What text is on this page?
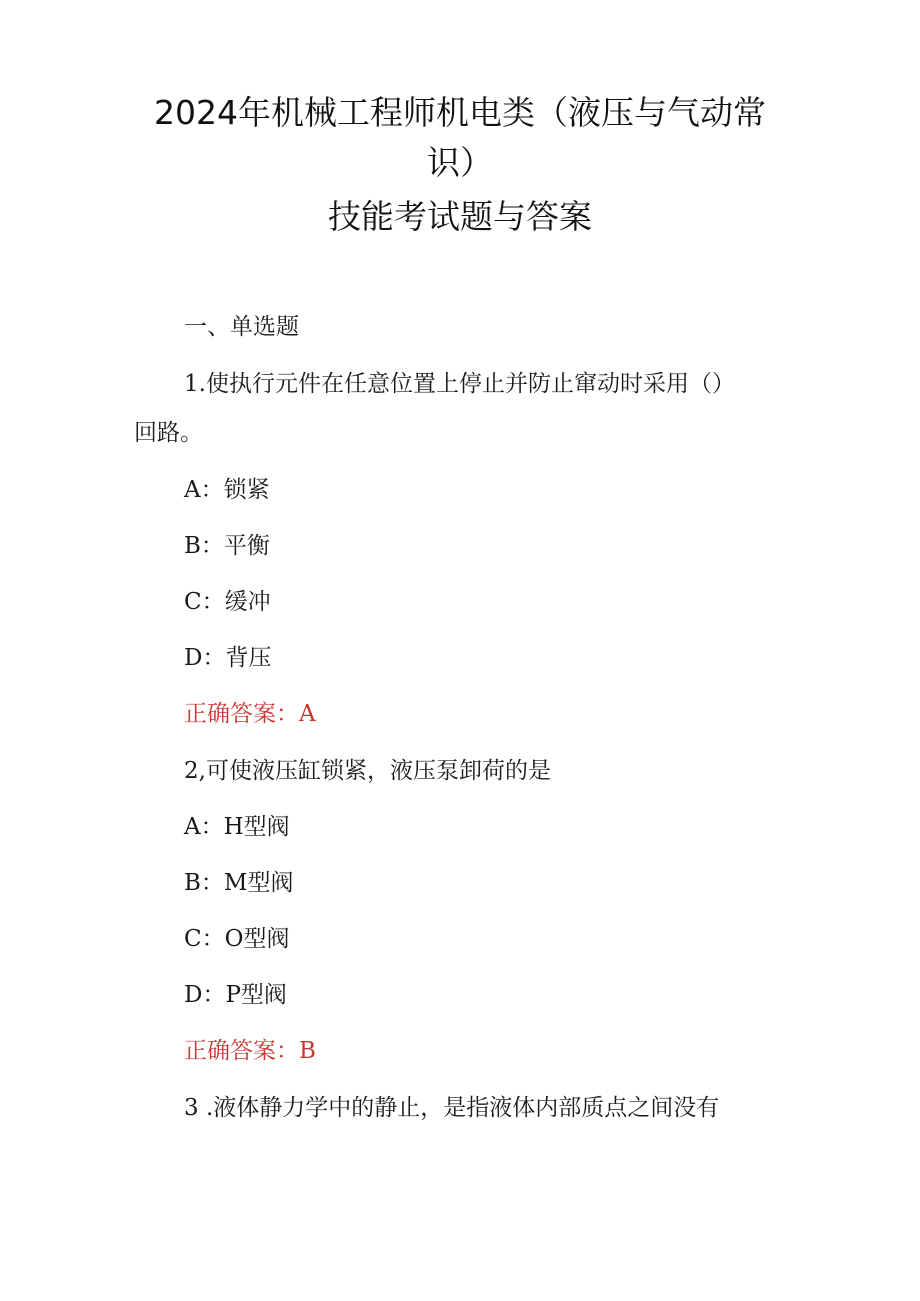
2024年机械工程师机电类（液压与气动常
识）
技能考试题与答案
一、单选题
1.使执行元件在任意位置上停止并防止窜动时采用（）
回路。
A：锁紧
B：平衡
C：缓冲
D：背压
正确答案：A
2,可使液压缸锁紧，液压泵卸荷的是
A：H型阀
B：M型阀
C：O型阀
D：P型阀
正确答案：B
3 .液体静力学中的静止，是指液体内部质点之间没有
